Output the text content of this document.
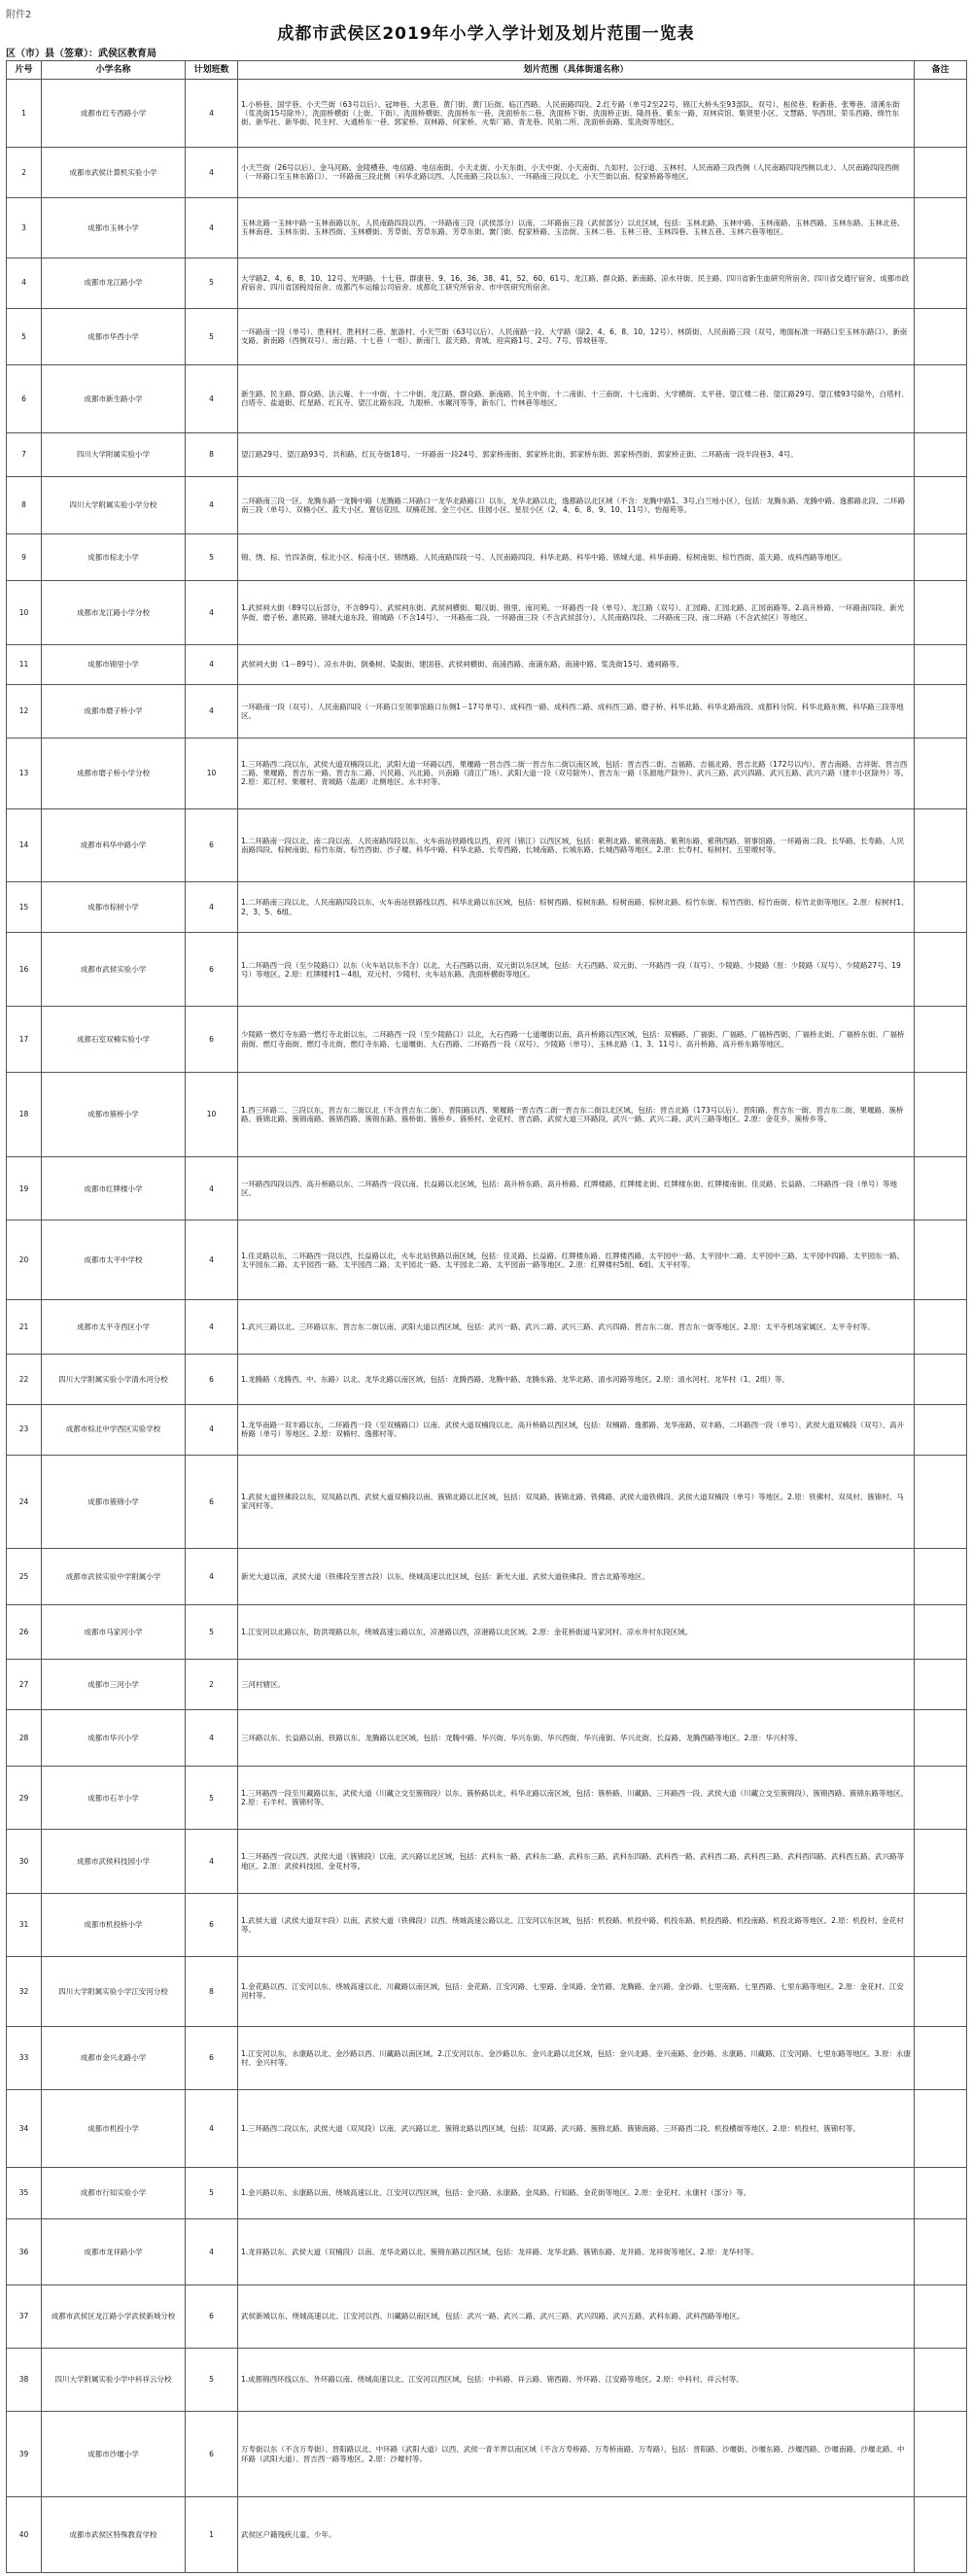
附件2
成都市武侯区2019年小学入学计划及划片范围一览表
区（市）县（签章）：武侯区教育局
片号	小学名称	计划班数	划片范围（具体街道名称）	备注
1	成都市红专西路小学	4	1.小桥巷、国学巷、小天竺街（63号以后）、冠坤巷、大悲巷、黄门街、黄门后街、临江西路、人民南路四段。2.红专路（单号2至22号、锦江大桥头至93部队、双号）、桓侯巷、粉新巷、张筹巷、清溪东街（浆洗街15号除外）、洗面桥横街（上街、下街）、洗面桥横街、洗面桥东一巷、洗面桥东二巷、洗面桥下街、洗面桥正街、隆昌巷、紫东一路、双林宾馆、集贤里小区、文慧路、华西坝、荣乐西路、绵竹东街、新华社、新华街、民主村、大通桥东一巷、郭家桥、双林路、何家桥、火柴厂路、青龙巷、民航二所、洗面桥南路、浆洗街等地区。	
2	成都市武侯计算机实验小学	4	小天竺街（26号以后）、金马河路、金陵横巷、电信路、电信南街、小天北街、小天东街、小天中街、小天南街、九如村、公行道、玉林村、人民南路三段西侧（人民南路四段西侧以北）、人民南路四段西侧（一环路口至玉林东路口）、一环路南三段北侧（科华北路以西、人民南路三段以东）、一环路南三段以北、小天竺街以南、倪家桥路等地区。	
3	成都市玉林小学	4	玉林北路一玉林中路一玉林南路以东、人民南路四段以西、一环路南三段（武侯部分）以南、二环路南三段（武侯部分）以北区域，包括：玉林北路、玉林中路、玉林南路、玉林西路、玉林东路、玉林北巷、玉林南巷、玉林东街、玉林西街、玉林横街、芳草街、芳草东路、芳草东街、黉门街、倪家桥路、玉洁街、玉林二巷、玉林三巷、玉林四巷、玉林五巷、玉林六巷等地区。	
4	成都市龙江路小学	5	大学路2、4、6、8、10、12号、光明路、十七巷、群康巷、9、16、36、38、41、52、60、61号、龙江路、群众路、新南路、凉水井街、民主路、四川省新生血研究所宿舍、四川省交通厅宿舍、成都市政府宿舍、四川省国税局宿舍、成都汽车运输公司宿舍、成都化工研究所宿舍、市中医研究所宿舍。	
5	成都市华西小学	5	一环路南一段（单号）、胜利村、胜利村二巷、旅游村、小天竺街（63号以后）、人民南路一段、大学路（除2、4、6、8、10、12号）、林荫街、人民南路三段（双号，地面标准一环路口至玉林东路口）、新南支路、新南路（西侧双号）、南台路、十七巷（一组）、新南门、蓝天路、青城、迎宾路1号、2号、7号、蓉城巷等。	
6	成都市新生路小学	4	新生路、民主路、群众路、法云庵、十一中街、十二中街、龙江路、群众路、新南路、民主中街、十二南街、十三南街、十七南街、大学横街、太平巷、望江楼二巷、望江路29号、望江楼93号除外，白塔村、白塔寺、盐道街、红星路、红瓦寺、望江北路东段、九眼桥、水碾河等等，新东门、竹林巷等地区。	
7	四川大学附属实验小学	8	望江路29号、望江路93号、共和路、红瓦寺街18号、一环路南一段24号、郭家桥南街、郭家桥北街、郭家桥东街、郭家桥西街、郭家桥正街、二环路南一段半段巷3、4号。	
8	四川大学附属实验小学分校	4	二环路南三段一区、龙腾东路一龙腾中路（龙腾路二环路口一龙华北路路口）以东，龙华北路以北，逸都路以北区域（不含：龙腾中路1、3号,白兰地小区），包括：龙腾东路、龙腾中路、逸都路北段、二环路南三段（单号）、双楠小区、蓝天小区、置信花园、双楠花园、金兰小区、佳园小区、星辰小区（2、4、6、8、9、10、11号）、怡福苑等。	
9	成都市棕北小学	5	锦、绣、棕、竹四条街，棕北小区、棕南小区、锦绣路、人民南路四段一号、人民南路四段、科华北路、科华中路、锦城大道、科华南路、棕树南街、棕竹西街、蓝天路、成科西路等地区。	
10	成都市龙江路小学分校	4	1.武侯祠大街（89号以后部分，不含89号）、武侯祠东街、武侯祠横街、蜀汉街、锦里、南河苑、一环路西一段（单号）、龙江路（双号）、汇园路、汇园北路、汇园南路等。2.高升桥路、一环路南四段、新光华街、磨子桥、惠民路、锦城大道东段、锦城路（不含14号）、一环路南二段、一环路南三段（不含武侯部分）、人民南路四段、二环路南三段、南二环路（不含武侯区）等地区。	
11	成都市锦里小学	4	武侯祠大街（1－89号）、凉水井街、倒桑树、染靛街、建国巷、武侯祠横街、南浦西路、南浦东路、南浦中路、浆洗街15号、通祠路等。	
12	成都市磨子桥小学	4	一环路南一段（双号）、人民南路四段（一环路口至领事馆路口东侧1－17号单号）、成科西一路、成科西二路、成科西三路、磨子桥、科华北路、科华北路南段、成都科分院、科华北路东侧、科华路三段等地区。	
13	成都市磨子桥小学分校	10	1.三环路西二段以东，武侯大道双楠段以北，武阳大道一环路以西，果堰路一晋吉西二街一晋吉东二街以南区域，包括：晋吉西二街、吉福路、吉福北路、晋吉北路（172号以内）、晋吉南路、吉祥街、晋吉西二路、果堰路、晋吉东一路、晋吉东二路、兴民路、兴北路、兴南路（清江广场）、武阳大道一段（双号除外）、晋吉东一路（乐源地产除外）、武兴三路、武兴四路、武兴五路、武兴六路（建丰小区除外）等。2.原：郑江村、果堰村、青城路（盐湖）北侧地区、永丰村等。	
14	成都市科华中路小学	6	1.二环路南一段以北、南二段以南、人民南路四段以东、火车南站铁路线以西，府河（锦江）以西区域，包括：紫荆北路、紫荆南路、紫荆东路、紫荆西路、领事馆路、一环路南二段、长华路、长寿路、人民南路四段、棕树南街、棕竹东街、棕竹西街、沙子堰、科华中路、科华北路、长寿西路、长城南路、长城东路、长城西路等地区。2.原：长寿村、棕树村、五里墩村等。	
15	成都市棕树小学	4	1.二环路南三段以北、人民南路四段以东、火车南站铁路线以西、科华北路以东区域，包括：棕树西路、棕树东路、棕树南路、棕树北路、棕竹东街、棕竹西街、棕竹南街、棕竹北街等地区。2.原：棕树村1、2、3、5、6组。	
16	成都市武侯实验小学	6	1.二环路西一段（至少陵路口）以东（火车站以东不含）以北、大石西路以南、双元街以东区域，包括：大石西路、双元街、一环路西一段（双号）、少陵路、少陵路（原：少陵路（双号）、少陵路27号、19号）等地区。2.原：红牌楼村1－4组，双元村、少陵村、火车站东路、洗面桥横街等地区。	
17	成都石室双楠实验小学	6	少陵路一燃灯寺东路一燃灯寺北街以东，二环路西一段（至少陵路口）以北，大石西路一七道堰街以南，高升桥路以西区域，包括：双楠路、广福街、广福路、广福桥西街、广福桥北街、广福桥东街、广福桥南街、燃灯寺南街、燃灯寺北街、燃灯寺东路、七道堰街、大石西路、二环路西一段（双号）、少陵路（单号）、玉林北路（1、3、11号）、高升桥路、高升桥东路等地区。	
18	成都市簇桥小学	10	1.西三环路二、三段以东，晋吉东二街以北（不含晋吉东二街）、晋阳路以西、果堰路一晋吉西二街一晋吉东二街以北区域，包括：晋吉北路（173号以后）、晋阳路、晋吉东一街、晋吉东二街、果堰路、簇桥路、簇锦北路、簇锦南路、簇锦西路、簇锦东路、簇桥街、簇桥乡、簇桥村、金花村、晋吉路、武侯大道三环路段、武兴一路、武兴二路、武兴三路等地区。2.原：金花乡、簇桥乡等。	
19	成都市红牌楼小学	4	一环路西四段以西、高升桥路以东、二环路西一段以南、长益路以北区域，包括：高升桥东路、高升桥路、红牌楼路、红牌楼北街、红牌楼东街、红牌楼南街、佳灵路、长益路、二环路西一段（单号）等地区。	
20	成都市太平中学校	4	1.佳灵路以东，二环路西一段以西，长益路以北，火车北站铁路以南区域，包括：佳灵路、长益路、红牌楼东路、红牌楼西路、太平园中一路、太平园中二路、太平园中三路、太平园中四路、太平园东一路、太平园东二路、太平园西一路、太平园西二路、太平园北一路、太平园北二路、太平园南一路等地区。2.原：红牌楼村5组、6组、太平村等。	
21	成都市太平寺西区小学	4	1.武兴三路以北、三环路以东、晋吉东二街以南、武阳大道以西区域，包括：武兴一路、武兴二路、武兴三路、武兴四路、晋吉东二街、晋吉东一街等地区。2.原：太平寺机场家属区、太平寺村等。	
22	四川大学附属实验小学清水河分校	6	1.龙腾路（龙腾西、中、东路）以北、龙华北路以南区域，包括：龙腾西路、龙腾中路、龙腾东路、龙华北路、清水河路等地区。2.原：清水河村、龙华村（1、2组）等。	
23	成都市棕北中学西区实验学校	4	1.龙华南路一双丰路以东，二环路西一段（至双楠路口）以南、武侯大道双楠段以北、高升桥路以西区域，包括：双楠路、逸都路、龙华南路、双丰路、二环路西一段（单号）、武侯大道双楠段（双号）、高升桥路（单号）等地区。2.原：双楠村、逸都村等。	
24	成都市簇锦小学	6	1.武侯大道铁佛段以东，双凤路以西、武侯大道双楠段以南、簇锦北路以北区域，包括：双凤路、簇锦北路、铁佛路、武侯大道铁佛段、武侯大道双楠段（单号）等地区。2.原：铁佛村、双凤村、簇锦村、马家河村等。	
25	成都市武侯实验中学附属小学	4	新光大道以南，武侯大道（铁佛段至晋吉段）以东、绕城高速以北区域，包括：新光大道、武侯大道铁佛段、晋吉北路等地区。	
26	成都市马家河小学	5	1.江安河以北路以东，防洪堤路以东，绕城高速公路以东，凉港路以西，凉港路以北区域。2.原：金花桥街道马家河村、凉水井村东段区域。	
27	成都市三河小学	2	三河村辖区。	
28	成都市华兴小学	4	三环路以东、长益路以南、铁路以东、龙腾路以北区域，包括：龙腾中路、华兴街、华兴东街、华兴西街、华兴南街、华兴北街、长益路、龙腾西路等地区。2.原：华兴村等。	
29	成都市石羊小学	5	1.三环路西一段至川藏路以东，武侯大道（川藏立交至簇锦段）以东、簇桥路以北、科华北路以南区域，包括：簇桥路、川藏路、三环路西一段、武侯大道（川藏立交至簇锦段）、簇锦西路、簇锦东路等地区。2.原：石羊村、簇锦村等。	
30	成都市武侯科技园小学	4	1.三环路西一段以西、武侯大道（簇锦段）以南、武兴路以北区域，包括：武科东一路、武科东二路、武科东三路、武科东四路、武科西一路、武科西二路、武科西三路、武科西四路、武科西五路、武兴路等地区。2.原：武侯科技园、金花村等。	
31	成都市机投桥小学	6	1.武侯大道（武侯大道双丰段）以南，武侯大道（铁佛段）以西、绕城高速公路以北、江安河以东区域，包括：机投路、机投中路、机投东路、机投西路、机投南路、机投北路等地区。2.原：机投村、金花村等。	
32	四川大学附属实验小学江安河分校	8	1.金花路以西、江安河以东、绕城高速以北、川藏路以南区域，包括：金花路、江安河路、七里路、金凤路、金竹路、龙腾路、金兴路、金沙路、七里南路、七里西路、七里东路等地区。2.原：金花村、江安河村等。	
33	成都市金兴北路小学	6	1.江安河以东，永康路以北、金沙路以西、川藏路以南区域。2.江安河以东、金沙路以东、金兴北路以北区域，包括：金兴北路、金兴南路、金沙路、永康路、川藏路、江安河路、七里东路等地区。3.原：永康村、金兴村等。	
34	成都市机投小学	4	1.三环路西二段以东，武侯大道（双凤段）以南、武兴路以北、簇锦北路以西区域，包括：双凤路、武兴路、簇锦北路、簇锦南路、三环路西二段、机投横街等地区。2.原：机投村、簇锦村等。	
35	成都市行知实验小学	5	1.金兴路以东、永康路以南、绕城高速以北、江安河以西区域，包括：金兴路、永康路、金凤路、行知路、金花街等地区。2.原：金花村、永康村（部分）等。	
36	成都市龙祥路小学	4	1.龙祥路以东、武侯大道（双楠段）以南、龙华北路以北、簇锦东路以西区域，包括：龙祥路、龙华北路、簇锦东路、龙井路、龙祥街等地区。2.原：龙华村等。	
37	成都市武侯区龙江路小学武侯新城分校	6	武侯新城以东、绕城高速以北、江安河以西、川藏路以南区域，包括：武兴一路、武兴二路、武兴三路、武兴四路、武兴五路、武科东路、武科西路等地区。	
38	四川大学附属实验小学中科祥云分校	5	1.成都锦西环线以东、外环路以南、绕城高速以北、江安河以西区域，包括：中科路、祥云路、锦西路、外环路、江安路等地区。2.原：中科村、祥云村等。	
39	成都市沙堰小学	6	万寿街以东（不含万寿街）、晋阳路以北、中环路（武阳大道）以西、武侯一青羊界以南区域（不含万寿桥路、万寿桥南路、万寿路），包括：晋阳路、沙堰街、沙堰东路、沙堰西路、沙堰南路、沙堰北路、中环路（武阳大道）、晋吉西一路等地区。2.原：沙堰村等。	
40	成都市武侯区特殊教育学校	1	武侯区户籍残疾儿童、少年。	
